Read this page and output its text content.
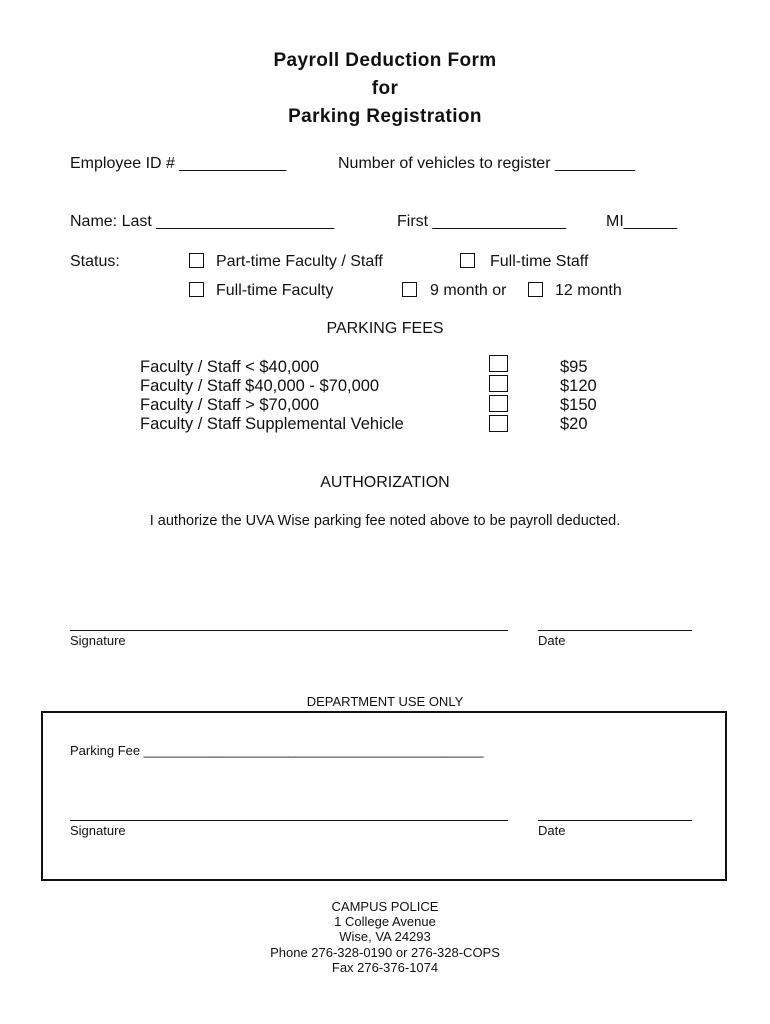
Payroll Deduction Form
for
Parking Registration
Employee ID # ____________	Number of vehicles to register _________
Name: Last ____________________	First _______________ MI______
Status:	Part-time Faculty / Staff	Full-time Staff
Full-time Faculty	9 month or	12 month
PARKING FEES
Faculty / Staff < $40,000	$95
Faculty / Staff $40,000 - $70,000	$120
Faculty / Staff > $70,000	$150
Faculty / Staff Supplemental Vehicle	$20
AUTHORIZATION
I authorize the UVA Wise parking fee noted above to be payroll deducted.
Signature	Date
DEPARTMENT USE ONLY
Parking Fee _______________________________________________
Signature	Date
CAMPUS POLICE
1 College Avenue
Wise, VA 24293
Phone 276-328-0190 or 276-328-COPS
Fax 276-376-1074
